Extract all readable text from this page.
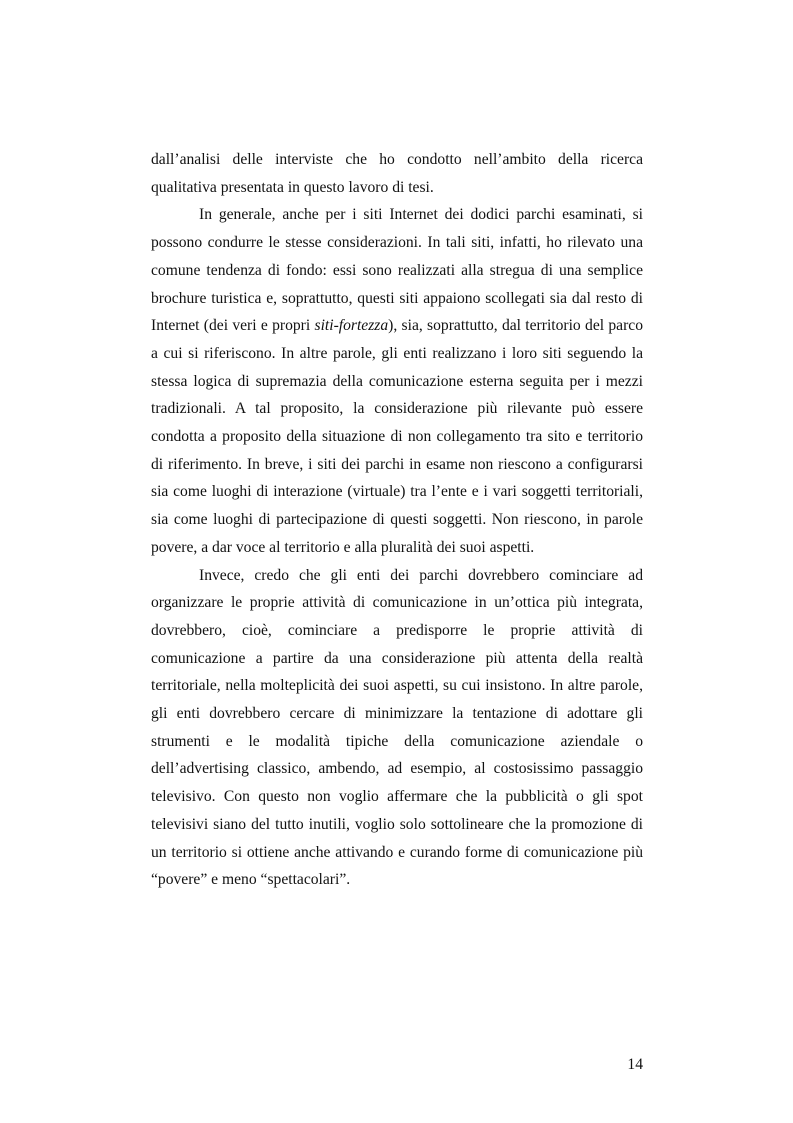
dall’analisi delle interviste che ho condotto nell’ambito della ricerca qualitativa presentata in questo lavoro di tesi.

In generale, anche per i siti Internet dei dodici parchi esaminati, si possono condurre le stesse considerazioni. In tali siti, infatti, ho rilevato una comune tendenza di fondo: essi sono realizzati alla stregua di una semplice brochure turistica e, soprattutto, questi siti appaiono scollegati sia dal resto di Internet (dei veri e propri siti-fortezza), sia, soprattutto, dal territorio del parco a cui si riferiscono. In altre parole, gli enti realizzano i loro siti seguendo la stessa logica di supremazia della comunicazione esterna seguita per i mezzi tradizionali. A tal proposito, la considerazione più rilevante può essere condotta a proposito della situazione di non collegamento tra sito e territorio di riferimento. In breve, i siti dei parchi in esame non riescono a configurarsi sia come luoghi di interazione (virtuale) tra l’ente e i vari soggetti territoriali, sia come luoghi di partecipazione di questi soggetti. Non riescono, in parole povere, a dar voce al territorio e alla pluralità dei suoi aspetti.

Invece, credo che gli enti dei parchi dovrebbero cominciare ad organizzare le proprie attività di comunicazione in un’ottica più integrata, dovrebbero, cioè, cominciare a predisporre le proprie attività di comunicazione a partire da una considerazione più attenta della realtà territoriale, nella molteplicità dei suoi aspetti, su cui insistono. In altre parole, gli enti dovrebbero cercare di minimizzare la tentazione di adottare gli strumenti e le modalità tipiche della comunicazione aziendale o dell’advertising classico, ambendo, ad esempio, al costosissimo passaggio televisivo. Con questo non voglio affermare che la pubblicità o gli spot televisivi siano del tutto inutili, voglio solo sottolineare che la promozione di un territorio si ottiene anche attivando e curando forme di comunicazione più “povere” e meno “spettacolari”.

14
